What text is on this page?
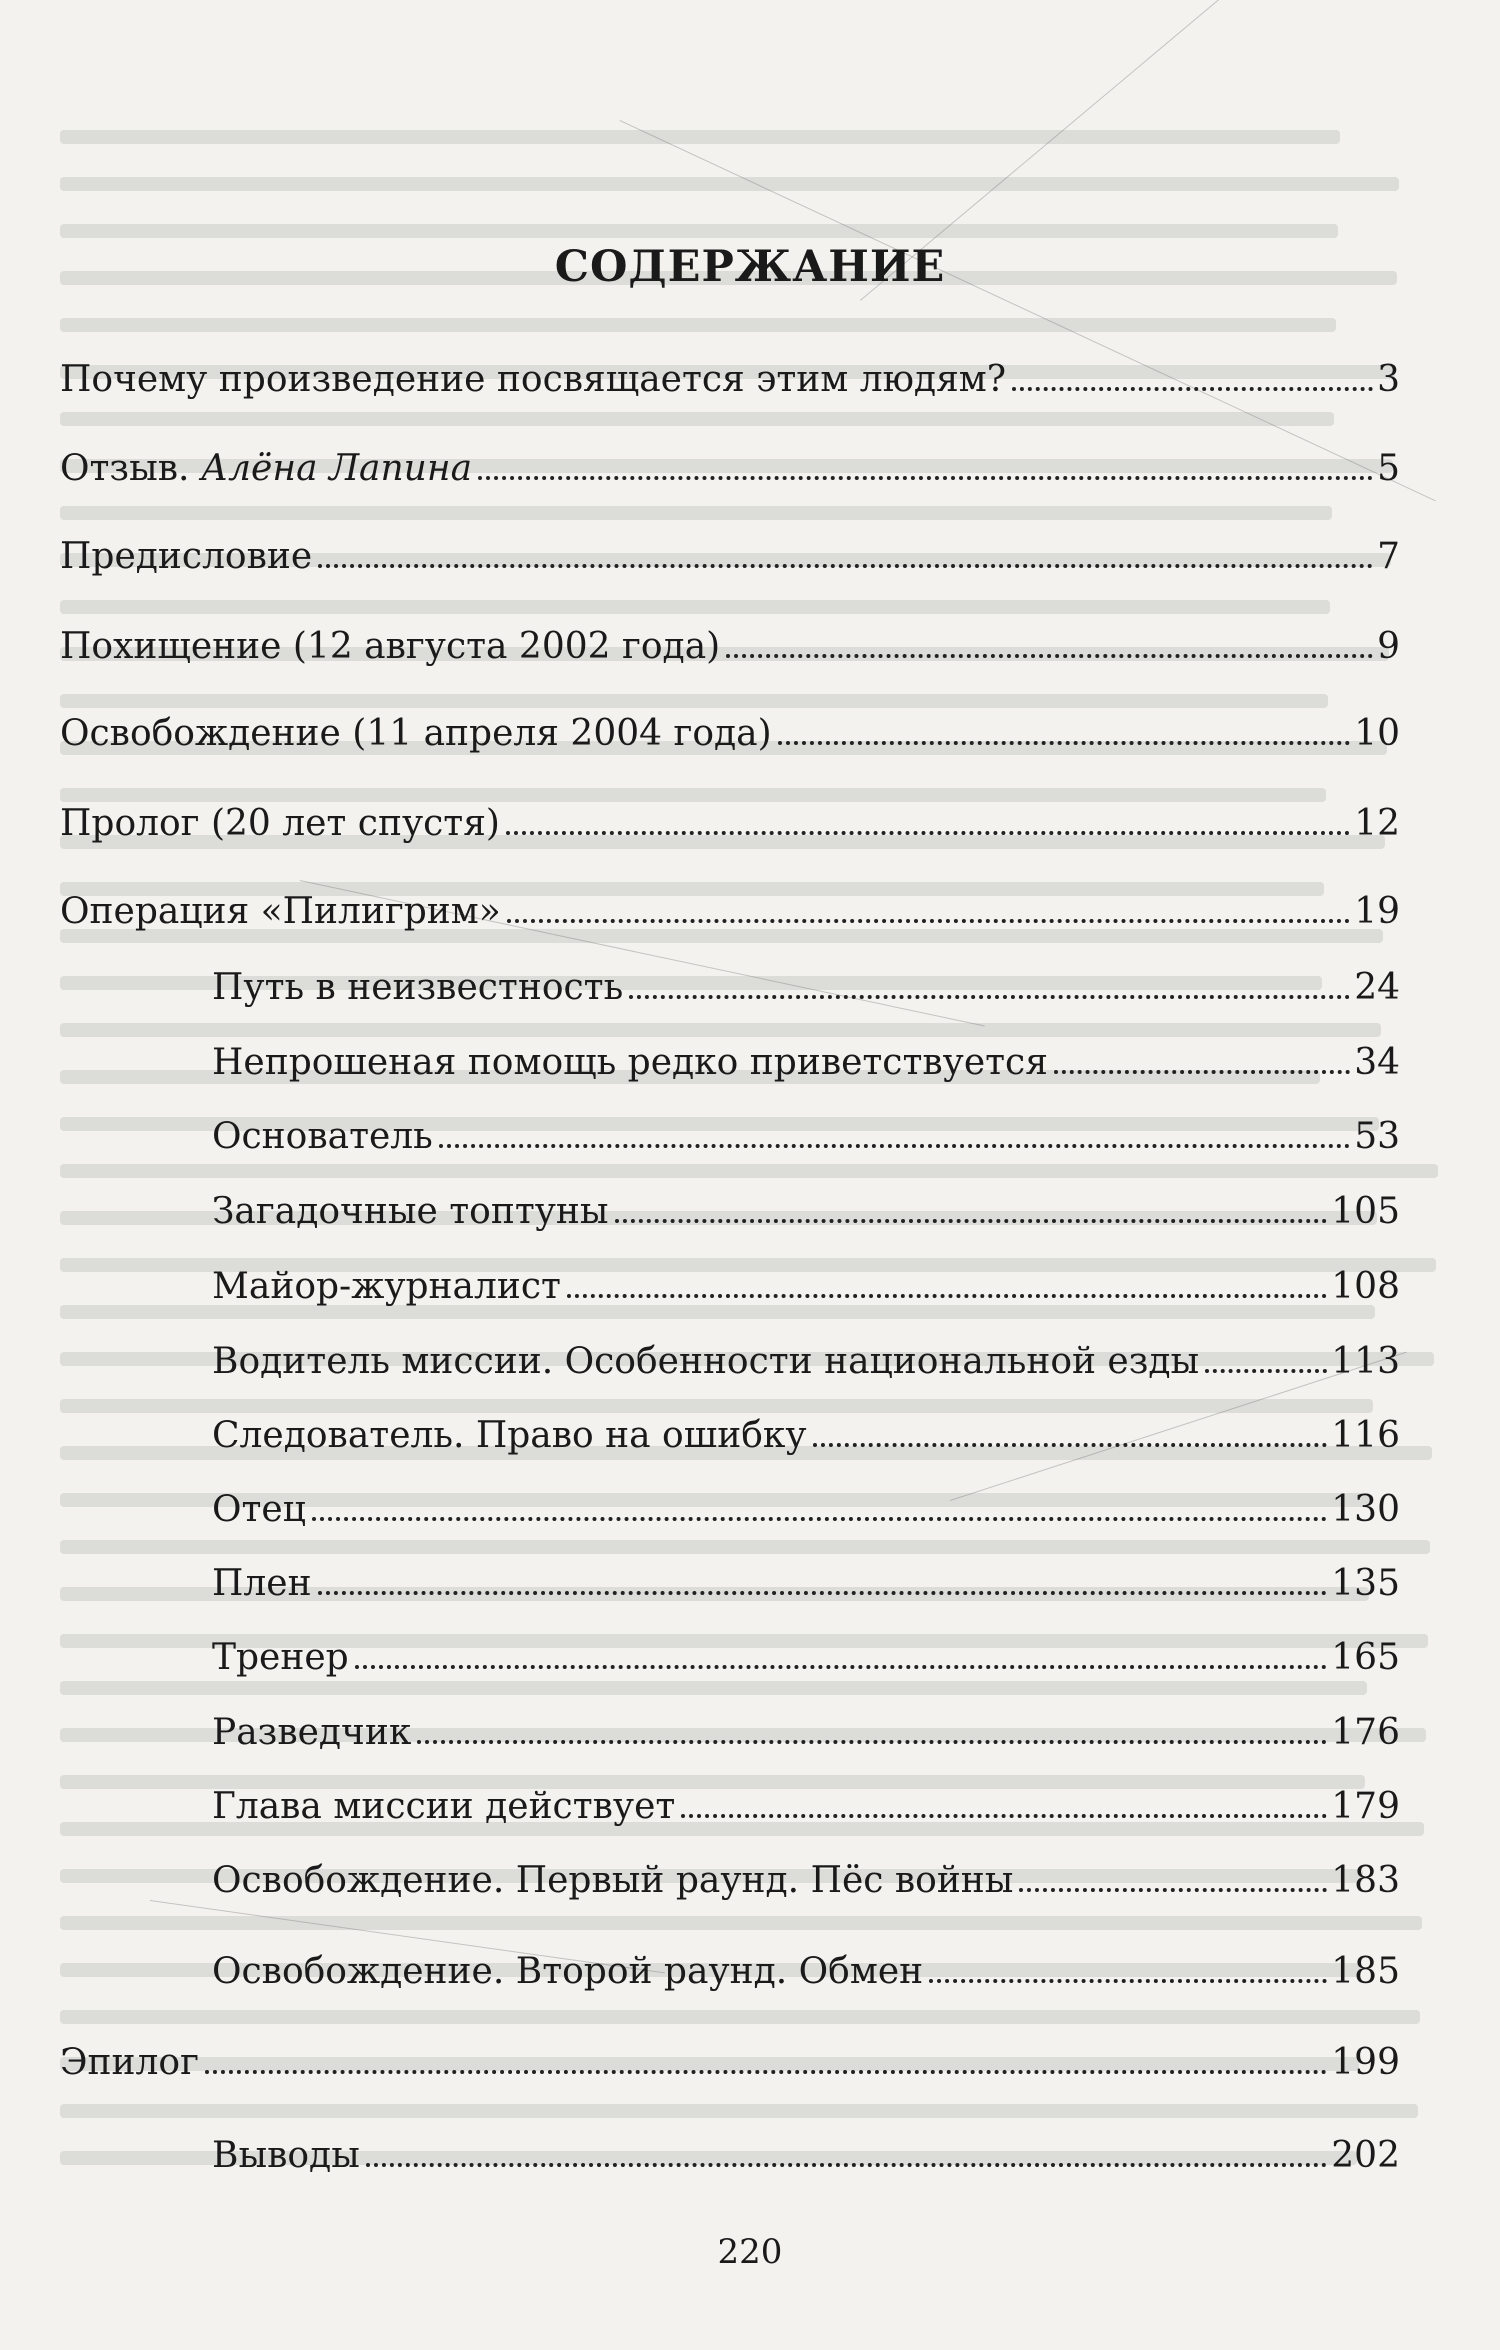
СОДЕРЖАНИЕ
Почему произведение посвящается этим людям?	3
Отзыв. Алёна Лапина	5
Предисловие	7
Похищение (12 августа 2002 года)	9
Освобождение (11 апреля 2004 года)	10
Пролог (20 лет спустя)	12
Операция «Пилигрим»	19
Путь в неизвестность	24
Непрошеная помощь редко приветствуется	34
Основатель	53
Загадочные топтуны	105
Майор-журналист	108
Водитель миссии. Особенности национальной езды	113
Следователь. Право на ошибку	116
Отец	130
Плен	135
Тренер	165
Разведчик	176
Глава миссии действует	179
Освобождение. Первый раунд. Пёс войны	183
Освобождение. Второй раунд. Обмен	185
Эпилог	199
Выводы	202
220
